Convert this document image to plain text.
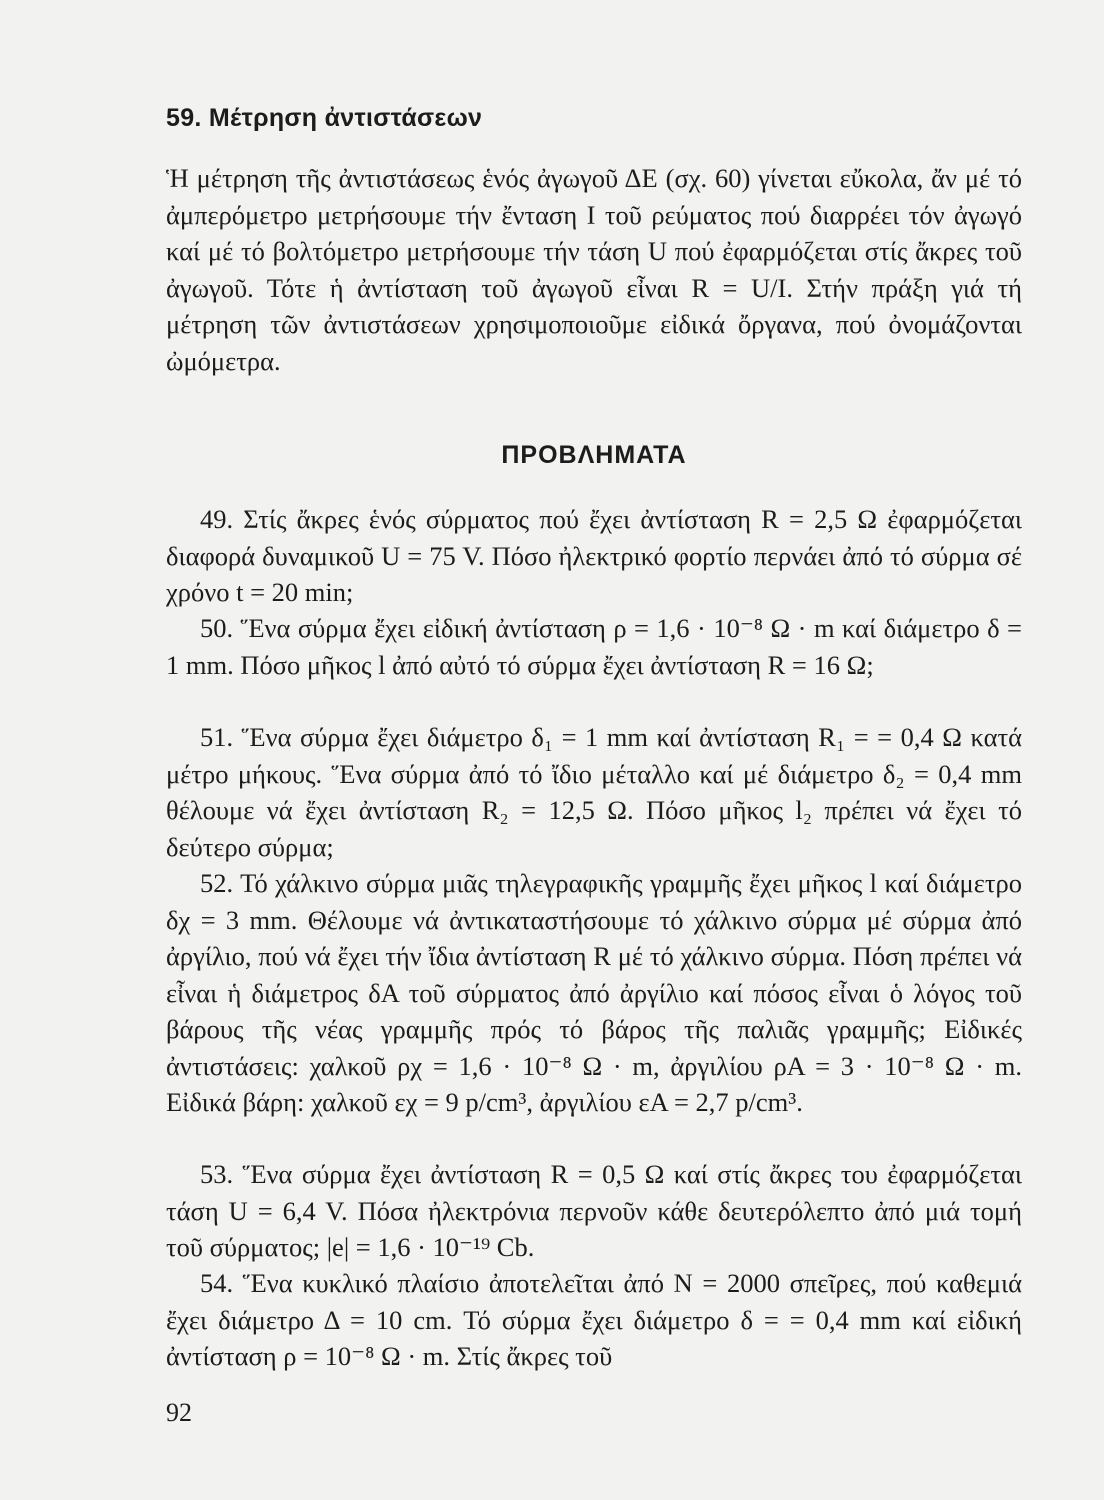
59. Μέτρηση ἀντιστάσεων

Ἡ μέτρηση τῆς ἀντιστάσεως ἑνός ἀγωγοῦ ΔΕ (σχ. 60) γίνεται εὔκολα, ἄν μέ τό ἀμπερόμετρο μετρήσουμε τήν ἔνταση Ι τοῦ ρεύματος πού διαρρέει τόν ἀγωγό καί μέ τό βολτόμετρο μετρήσουμε τήν τάση U πού ἐφαρμόζεται στίς ἄκρες τοῦ ἀγωγοῦ. Τότε ἡ ἀντίσταση τοῦ ἀγωγοῦ εἶναι R = U/I. Στήν πράξη γιά τή μέτρηση τῶν ἀντιστάσεων χρησιμοποιοῦμε εἰδικά ὄργανα, πού ὀνομάζονται ὠμόμετρα.

ΠΡΟΒΛΗΜΑΤΑ

49. Στίς ἄκρες ἑνός σύρματος πού ἔχει ἀντίσταση R = 2,5 Ω ἐφαρμόζεται διαφορά δυναμικοῦ U = 75 V. Πόσο ἠλεκτρικό φορτίο περνάει ἀπό τό σύρμα σέ χρόνο t = 20 min;

50. Ἕνα σύρμα ἔχει εἰδική ἀντίσταση ρ = 1,6 · 10⁻⁸ Ω · m καί διάμετρο δ = 1 mm. Πόσο μῆκος l ἀπό αὐτό τό σύρμα ἔχει ἀντίσταση R = 16 Ω;

51. Ἕνα σύρμα ἔχει διάμετρο δ₁ = 1 mm καί ἀντίσταση R₁ = = 0,4 Ω κατά μέτρο μήκους. Ἕνα σύρμα ἀπό τό ἴδιο μέταλλο καί μέ διάμετρο δ₂ = 0,4 mm θέλουμε νά ἔχει ἀντίσταση R₂ = 12,5 Ω. Πόσο μῆκος l₂ πρέπει νά ἔχει τό δεύτερο σύρμα;

52. Τό χάλκινο σύρμα μιᾶς τηλεγραφικῆς γραμμῆς ἔχει μῆκος l καί διάμετρο δχ = 3 mm. Θέλουμε νά ἀντικαταστήσουμε τό χάλκινο σύρμα μέ σύρμα ἀπό ἀργίλιο, πού νά ἔχει τήν ἴδια ἀντίσταση R μέ τό χάλκινο σύρμα. Πόση πρέπει νά εἶναι ἡ διάμετρος δΑ τοῦ σύρματος ἀπό ἀργίλιο καί πόσος εἶναι ὁ λόγος τοῦ βάρους τῆς νέας γραμμῆς πρός τό βάρος τῆς παλιᾶς γραμμῆς; Εἰδικές ἀντιστάσεις: χαλκοῦ ρχ = 1,6 · 10⁻⁸ Ω · m, ἀργιλίου ρΑ = 3 · 10⁻⁸ Ω · m. Εἰδικά βάρη: χαλκοῦ εχ = 9 p/cm³, ἀργιλίου εΑ = 2,7 p/cm³.

53. Ἕνα σύρμα ἔχει ἀντίσταση R = 0,5 Ω καί στίς ἄκρες του ἐφαρμόζεται τάση U = 6,4 V. Πόσα ἠλεκτρόνια περνοῦν κάθε δευτερόλεπτο ἀπό μιά τομή τοῦ σύρματος; |e| = 1,6 · 10⁻¹⁹ Cb.

54. Ἕνα κυκλικό πλαίσιο ἀποτελεῖται ἀπό Ν = 2000 σπεῖρες, πού καθεμιά ἔχει διάμετρο Δ = 10 cm. Τό σύρμα ἔχει διάμετρο δ = = 0,4 mm καί εἰδική ἀντίσταση ρ = 10⁻⁸ Ω · m. Στίς ἄκρες τοῦ

92
